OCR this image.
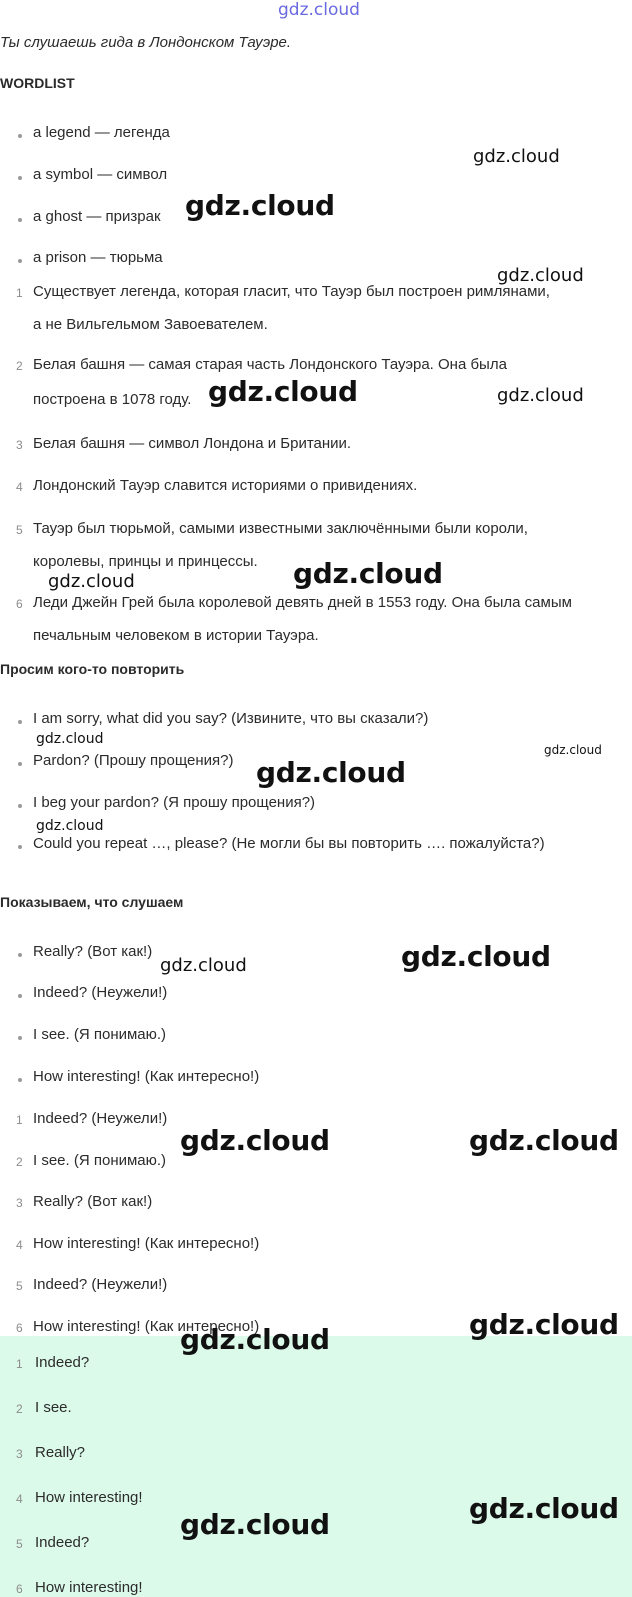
gdz.cloud
Ты слушаешь гида в Лондонском Тауэре.
WORDLIST
a legend — легенда
a symbol — символ
a ghost — призрак
a prison — тюрьма
1 Существует легенда, которая гласит, что Тауэр был построен римлянами,
а не Вильгельмом Завоевателем.
2 Белая башня — самая старая часть Лондонского Тауэра. Она была
построена в 1078 году.
3 Белая башня — символ Лондона и Британии.
4 Лондонский Тауэр славится историями о привидениях.
5 Тауэр был тюрьмой, самыми известными заключёнными были короли,
королевы, принцы и принцессы.
6 Леди Джейн Грей была королевой девять дней в 1553 году. Она была самым
печальным человеком в истории Тауэра.
Просим кого-то повторить
I am sorry, what did you say? (Извините, что вы сказали?)
Pardon? (Прошу прощения?)
I beg your pardon? (Я прошу прощения?)
Could you repeat …, please? (Не могли бы вы повторить …. пожалуйста?)
Показываем, что слушаем
Really? (Вот как!)
Indeed? (Неужели!)
I see. (Я понимаю.)
How interesting! (Как интересно!)
1 Indeed? (Неужели!)
2 I see. (Я понимаю.)
3 Really? (Вот как!)
4 How interesting! (Как интересно!)
5 Indeed? (Неужели!)
6 How interesting! (Как интересно!)
1 Indeed?
2 I see.
3 Really?
4 How interesting!
5 Indeed?
6 How interesting!
gdz.cloud
gdz.cloud
gdz.cloud
gdz.cloud	gdz.cloud
gdz.cloud
gdz.cloud
gdz.cloud
gdz.cloud
gdz.cloud
gdz.cloud
gdz.cloud
gdz.cloud
gdz.cloud	gdz.cloud
gdz.cloud
gdz.cloud
gdz.cloud
gdz.cloud
